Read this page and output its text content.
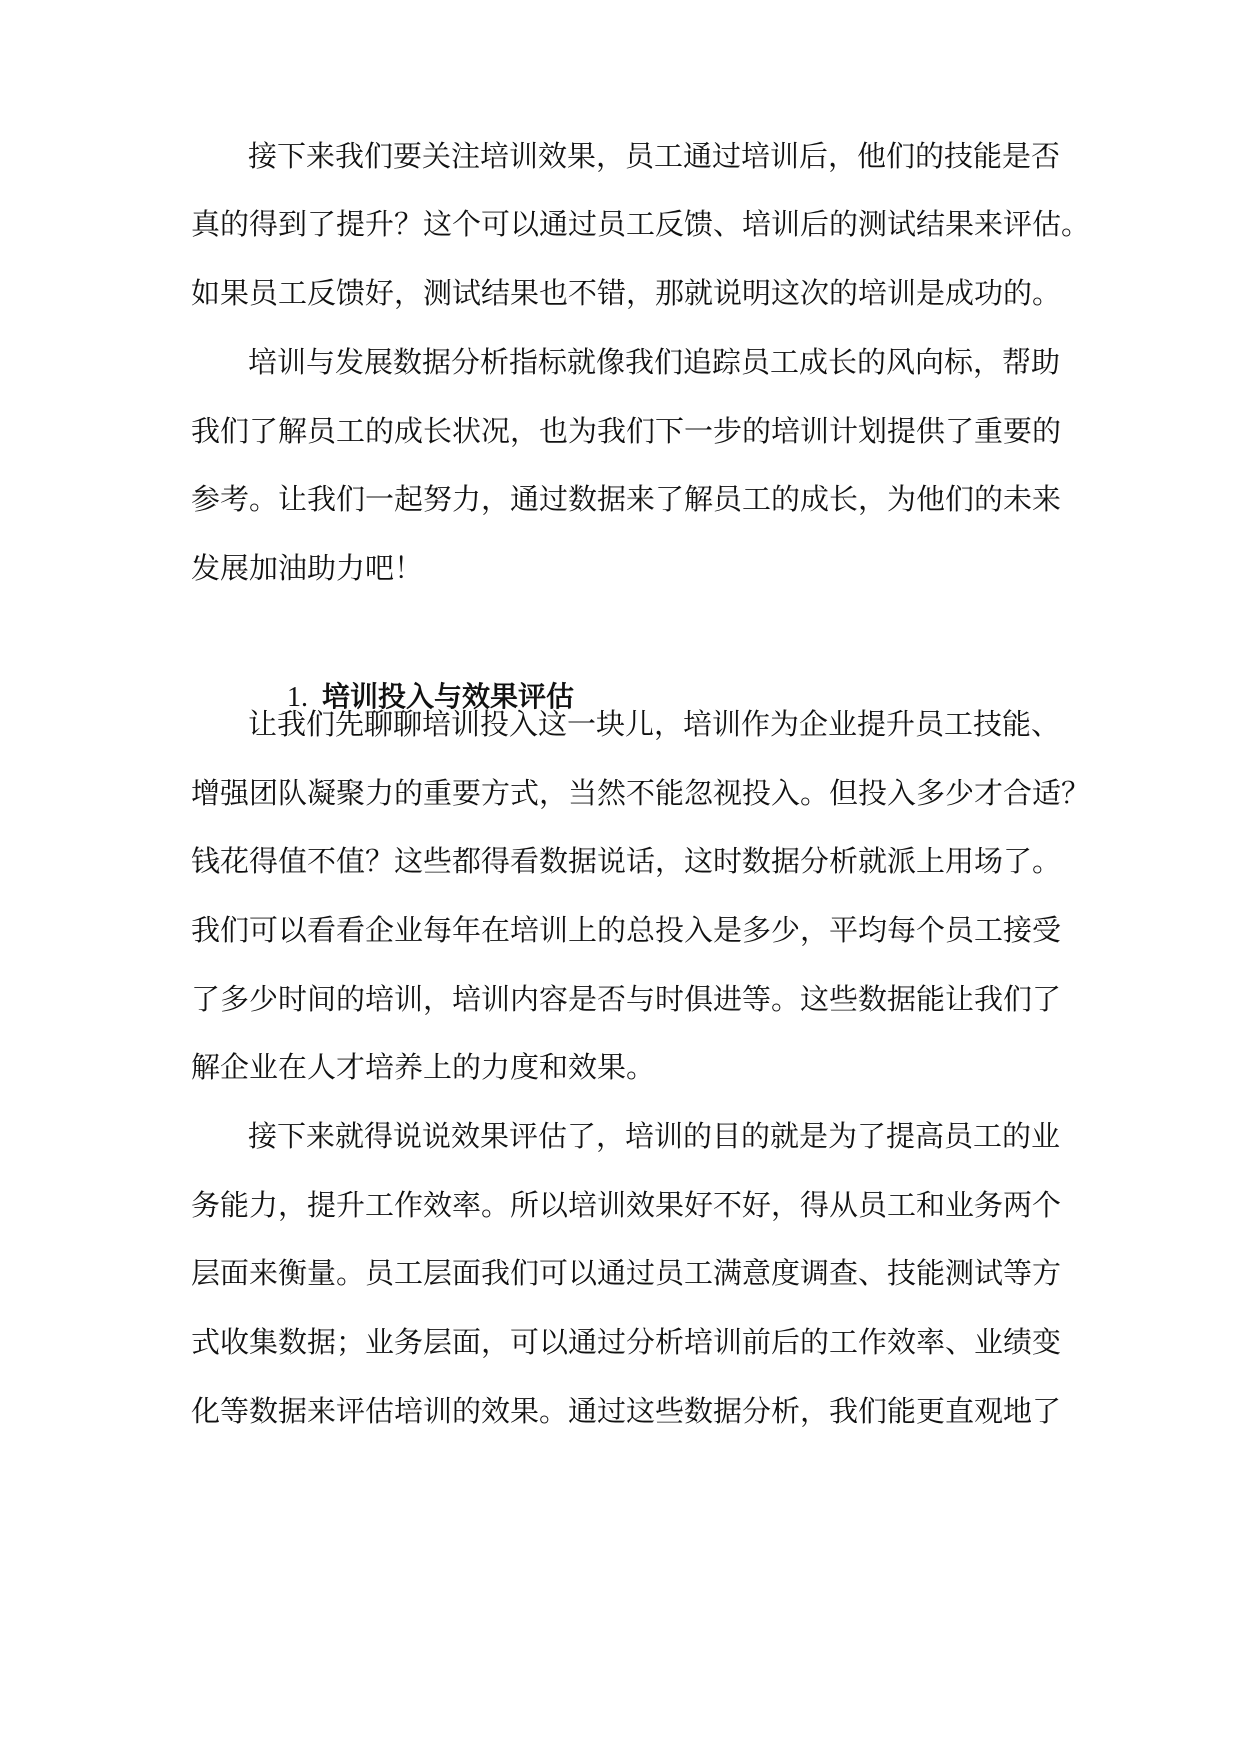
接下来我们要关注培训效果，员工通过培训后，他们的技能是否
真的得到了提升？这个可以通过员工反馈、培训后的测试结果来评估。
如果员工反馈好，测试结果也不错，那就说明这次的培训是成功的。
培训与发展数据分析指标就像我们追踪员工成长的风向标，帮助
我们了解员工的成长状况，也为我们下一步的培训计划提供了重要的
参考。让我们一起努力，通过数据来了解员工的成长，为他们的未来
发展加油助力吧！

1. 培训投入与效果评估

让我们先聊聊培训投入这一块儿，培训作为企业提升员工技能、
增强团队凝聚力的重要方式，当然不能忽视投入。但投入多少才合适？
钱花得值不值？这些都得看数据说话，这时数据分析就派上用场了。
我们可以看看企业每年在培训上的总投入是多少，平均每个员工接受
了多少时间的培训，培训内容是否与时俱进等。这些数据能让我们了
解企业在人才培养上的力度和效果。
接下来就得说说效果评估了，培训的目的就是为了提高员工的业
务能力，提升工作效率。所以培训效果好不好，得从员工和业务两个
层面来衡量。员工层面我们可以通过员工满意度调查、技能测试等方
式收集数据；业务层面，可以通过分析培训前后的工作效率、业绩变
化等数据来评估培训的效果。通过这些数据分析，我们能更直观地了
